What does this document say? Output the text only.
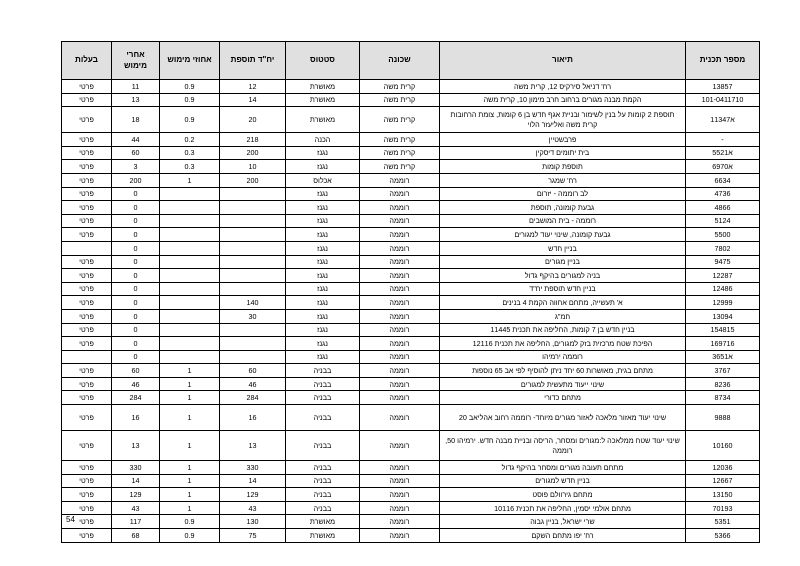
מספר תכנית	תיאור	שכונה	סטטוס	יח"ד תוספת	אחוזי מימוש	אחרי מימוש	בעלות
13857	רח' דניאל סירקיס 12, קרית משה	קרית משה	מאושרת	12	0.9	11	פרטי
101-0411710	הקמת מבנה מגורים ברחוב חרב מימון 10, קרית משה	קרית משה	מאושרת	14	0.9	13	פרטי
א11347	תוספת 2 קומות על בנין לשימור ובניית אגף חדש בן 6 קומות, צומת הרחובות קרית משה ואליעזר הלוי	קרית משה	מאושרת	20	0.9	18	פרטי
-	פרבשטיין	קרית משה	הכנה	218	0.2	44	פרטי
א5521	בית יתומים דיסקין	קרית משה	נגנז	200	0.3	60	פרטי
א6970	תוספת קומות	קרית משה	נגנז	10	0.3	3	פרטי
6634	רח' שמגר	רוממה	אכלוס	200	1	200	פרטי
4736	לב רוממה - יזרום	רוממה	נגנז			0	פרטי
4866	גבעת קומונה, תוספת	רוממה	נגנז			0	פרטי
5124	רוממה - בית המושבים	רוממה	נגנז			0	פרטי
5500	גבעת קומונה, שינוי יעוד למגורים	רוממה	נגנז			0	פרטי
7802	בניין חדש	רוממה	נגנז			0	
9475	בניין מגורים	רוממה	נגנז			0	פרטי
12287	בניה למגורים בהיקף גדול	רוממה	נגנז			0	פרטי
12486	בניין חדש תוספת יח"ד	רוממה	נגנז			0	פרטי
12999	א' תעשייה, מתחם אחווה הקמת 4 בנינים	רוממה	נגנז	140		0	פרטי
13094	חמ"ג	רוממה	נגנז	30		0	פרטי
154815	בניין חדש בן 7 קומות, החליפה את תכנית 11445	רוממה	נגנז			0	פרטי
169716	הפיכת שטח מרכזית בזק למגורים, החליפה את תכנית 12116	רוממה	נגנז			0	פרטי
א3651	רוממה ירמיהו	רוממה	נגנז			0	
3767	מתחם בגית, מאושרות 60 יחד ניתן להוסיף לפי אב 65 נוספות	רוממה	בבניה	60	1	60	פרטי
8236	שינוי ייעוד מתעשית למגורים	רוממה	בבניה	46	1	46	פרטי
8734	מתחם כדורי	רוממה	בבניה	284	1	284	פרטי
9888	שינוי יעוד מאזור מלאכה לאזור מגורים מיוחד- רוממה רחוב אהליאב 20	רוממה	בבניה	16	1	16	פרטי
10160	שינוי יעוד שטח ממלאכה ל:מגורים ומסחר, הריסה ובניית מבנה חדש. ירמיהו 50, רוממה	רוממה	בבניה	13	1	13	פרטי
12036	מתחם תעובה מגורים ומסחר בהיקף גדול	רוממה	בבניה	330	1	330	פרטי
12667	בניין חדש למגורים	רוממה	בבניה	14	1	14	פרטי
13150	מתחם גירוולם פוסט	רוממה	בבניה	129	1	129	פרטי
70193	מתחם אולמי יסמין, החליפה את תכנית 10116	רוממה	בבניה	43	1	43	פרטי
5351	שרי ישראל, בניין גבוה	רוממה	מאושרת	130	0.9	117	פרטי
5366	רח' יפו מתחם השקם	רוממה	מאושרת	75	0.9	68	פרטי
54
